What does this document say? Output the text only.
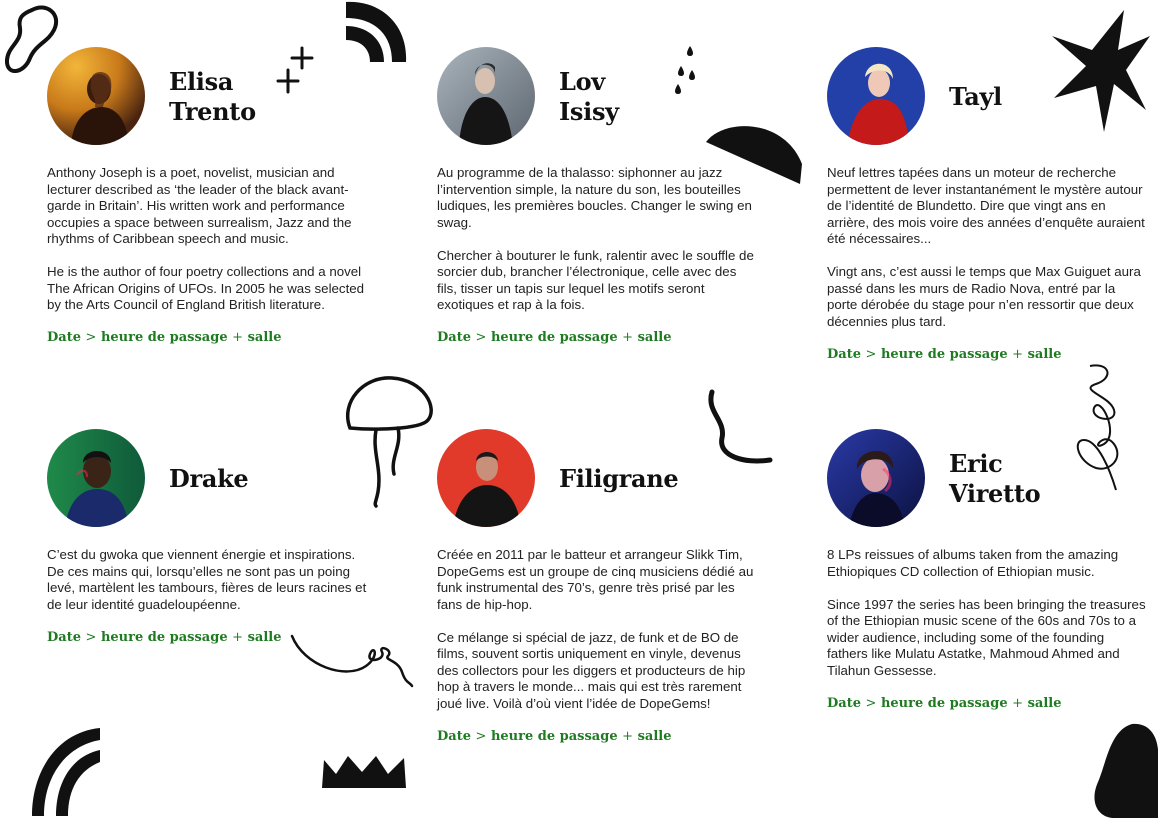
Elisa
Trento

Anthony Joseph is a poet, novelist, musician and lecturer described as ‘the leader of the black avant-garde in Britain’. His written work and performance occupies a space between surrealism, Jazz and the rhythms of Caribbean speech and music.

He is the author of four poetry collections and a novel The African Origins of UFOs. In 2005 he was selected by the Arts Council of England British literature.

Date > heure de passage + salle
Lov
Isisy

Au programme de la thalasso: siphonner au jazz l’intervention simple, la nature du son, les bouteilles ludiques, les premières boucles. Changer le swing en swag.

Chercher à bouturer le funk, ralentir avec le souffle de sorcier dub, brancher l’électronique, celle avec des fils, tisser un tapis sur lequel les motifs seront exotiques et rap à la fois.

Date > heure de passage + salle
Tayl

Neuf lettres tapées dans un moteur de recherche permettent de lever instantanément le mystère autour de l’identité de Blundetto. Dire que vingt ans en arrière, des mois voire des années d’enquête auraient été nécessaires...

Vingt ans, c’est aussi le temps que Max Guiguet aura passé dans les murs de Radio Nova, entré par la porte dérobée du stage pour n’en ressortir que deux décennies plus tard.

Date > heure de passage + salle
Drake

C’est du gwoka que viennent énergie et inspirations. De ces mains qui, lorsqu’elles ne sont pas un poing levé, martèlent les tambours, fières de leurs racines et de leur identité guadeloupéenne.

Date > heure de passage + salle
Filigrane

Créée en 2011 par le batteur et arrangeur Slikk Tim, DopeGems est un groupe de cinq musiciens dédié au funk instrumental des 70’s, genre très prisé par les fans de hip-hop.

Ce mélange si spécial de jazz, de funk et de BO de films, souvent sortis uniquement en vinyle, devenus des collectors pour les diggers et producteurs de hip hop à travers le monde... mais qui est très rarement joué live. Voilà d’où vient l’idée de DopeGems!

Date > heure de passage + salle
Eric
Viretto

8 LPs reissues of albums taken from the amazing Ethiopiques CD collection of Ethiopian music.

Since 1997 the series has been bringing the treasures of the Ethiopian music scene of the 60s and 70s to a wider audience, including some of the founding fathers like Mulatu Astatke, Mahmoud Ahmed and Tilahun Gessesse.

Date > heure de passage + salle
